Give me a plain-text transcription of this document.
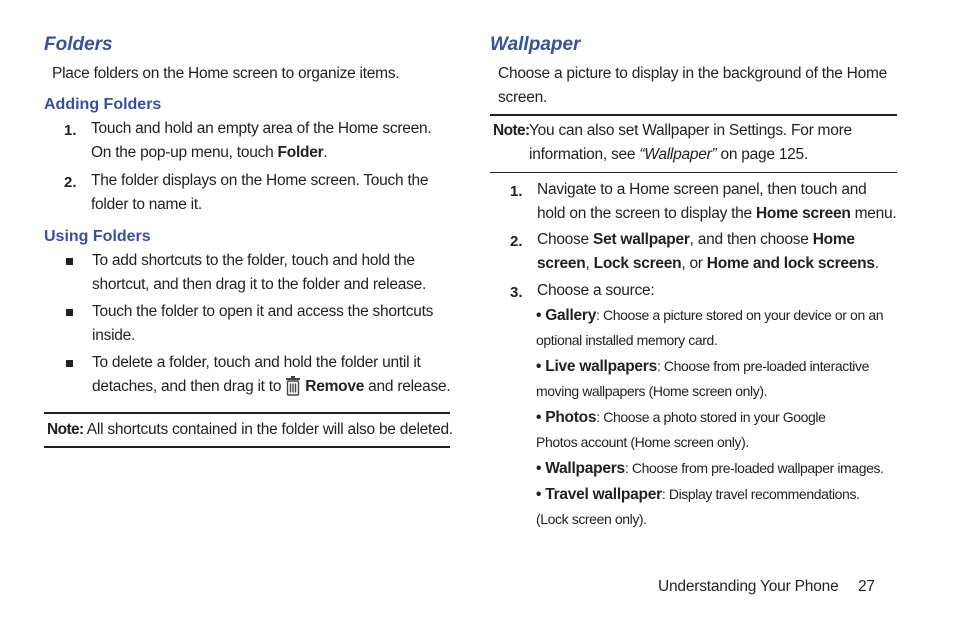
Folders

Place folders on the Home screen to organize items.

Adding Folders
1. Touch and hold an empty area of the Home screen. On the pop-up menu, touch Folder.

2. The folder displays on the Home screen. Touch the folder to name it.

Using Folders

To add shortcuts to the folder, touch and hold the shortcut, and then drag it to the folder and release.

Touch the folder to open it and access the shortcuts inside.

To delete a folder, touch and hold the folder until it detaches, and then drag it to Remove and release.

Note: All shortcuts contained in the folder will also be deleted.

Wallpaper

Choose a picture to display in the background of the Home screen.

Note: You can also set Wallpaper in Settings. For more information, see “Wallpaper” on page 125.

1. Navigate to a Home screen panel, then touch and hold on the screen to display the Home screen menu.

2. Choose Set wallpaper, and then choose Home screen, Lock screen, or Home and lock screens.

3. Choose a source:

• Gallery: Choose a picture stored on your device or on an optional installed memory card.

• Live wallpapers: Choose from pre-loaded interactive moving wallpapers (Home screen only).

• Photos: Choose a photo stored in your Google Photos account (Home screen only).

• Wallpapers: Choose from pre-loaded wallpaper images.

• Travel wallpaper: Display travel recommendations. (Lock screen only).

Understanding Your Phone 27
